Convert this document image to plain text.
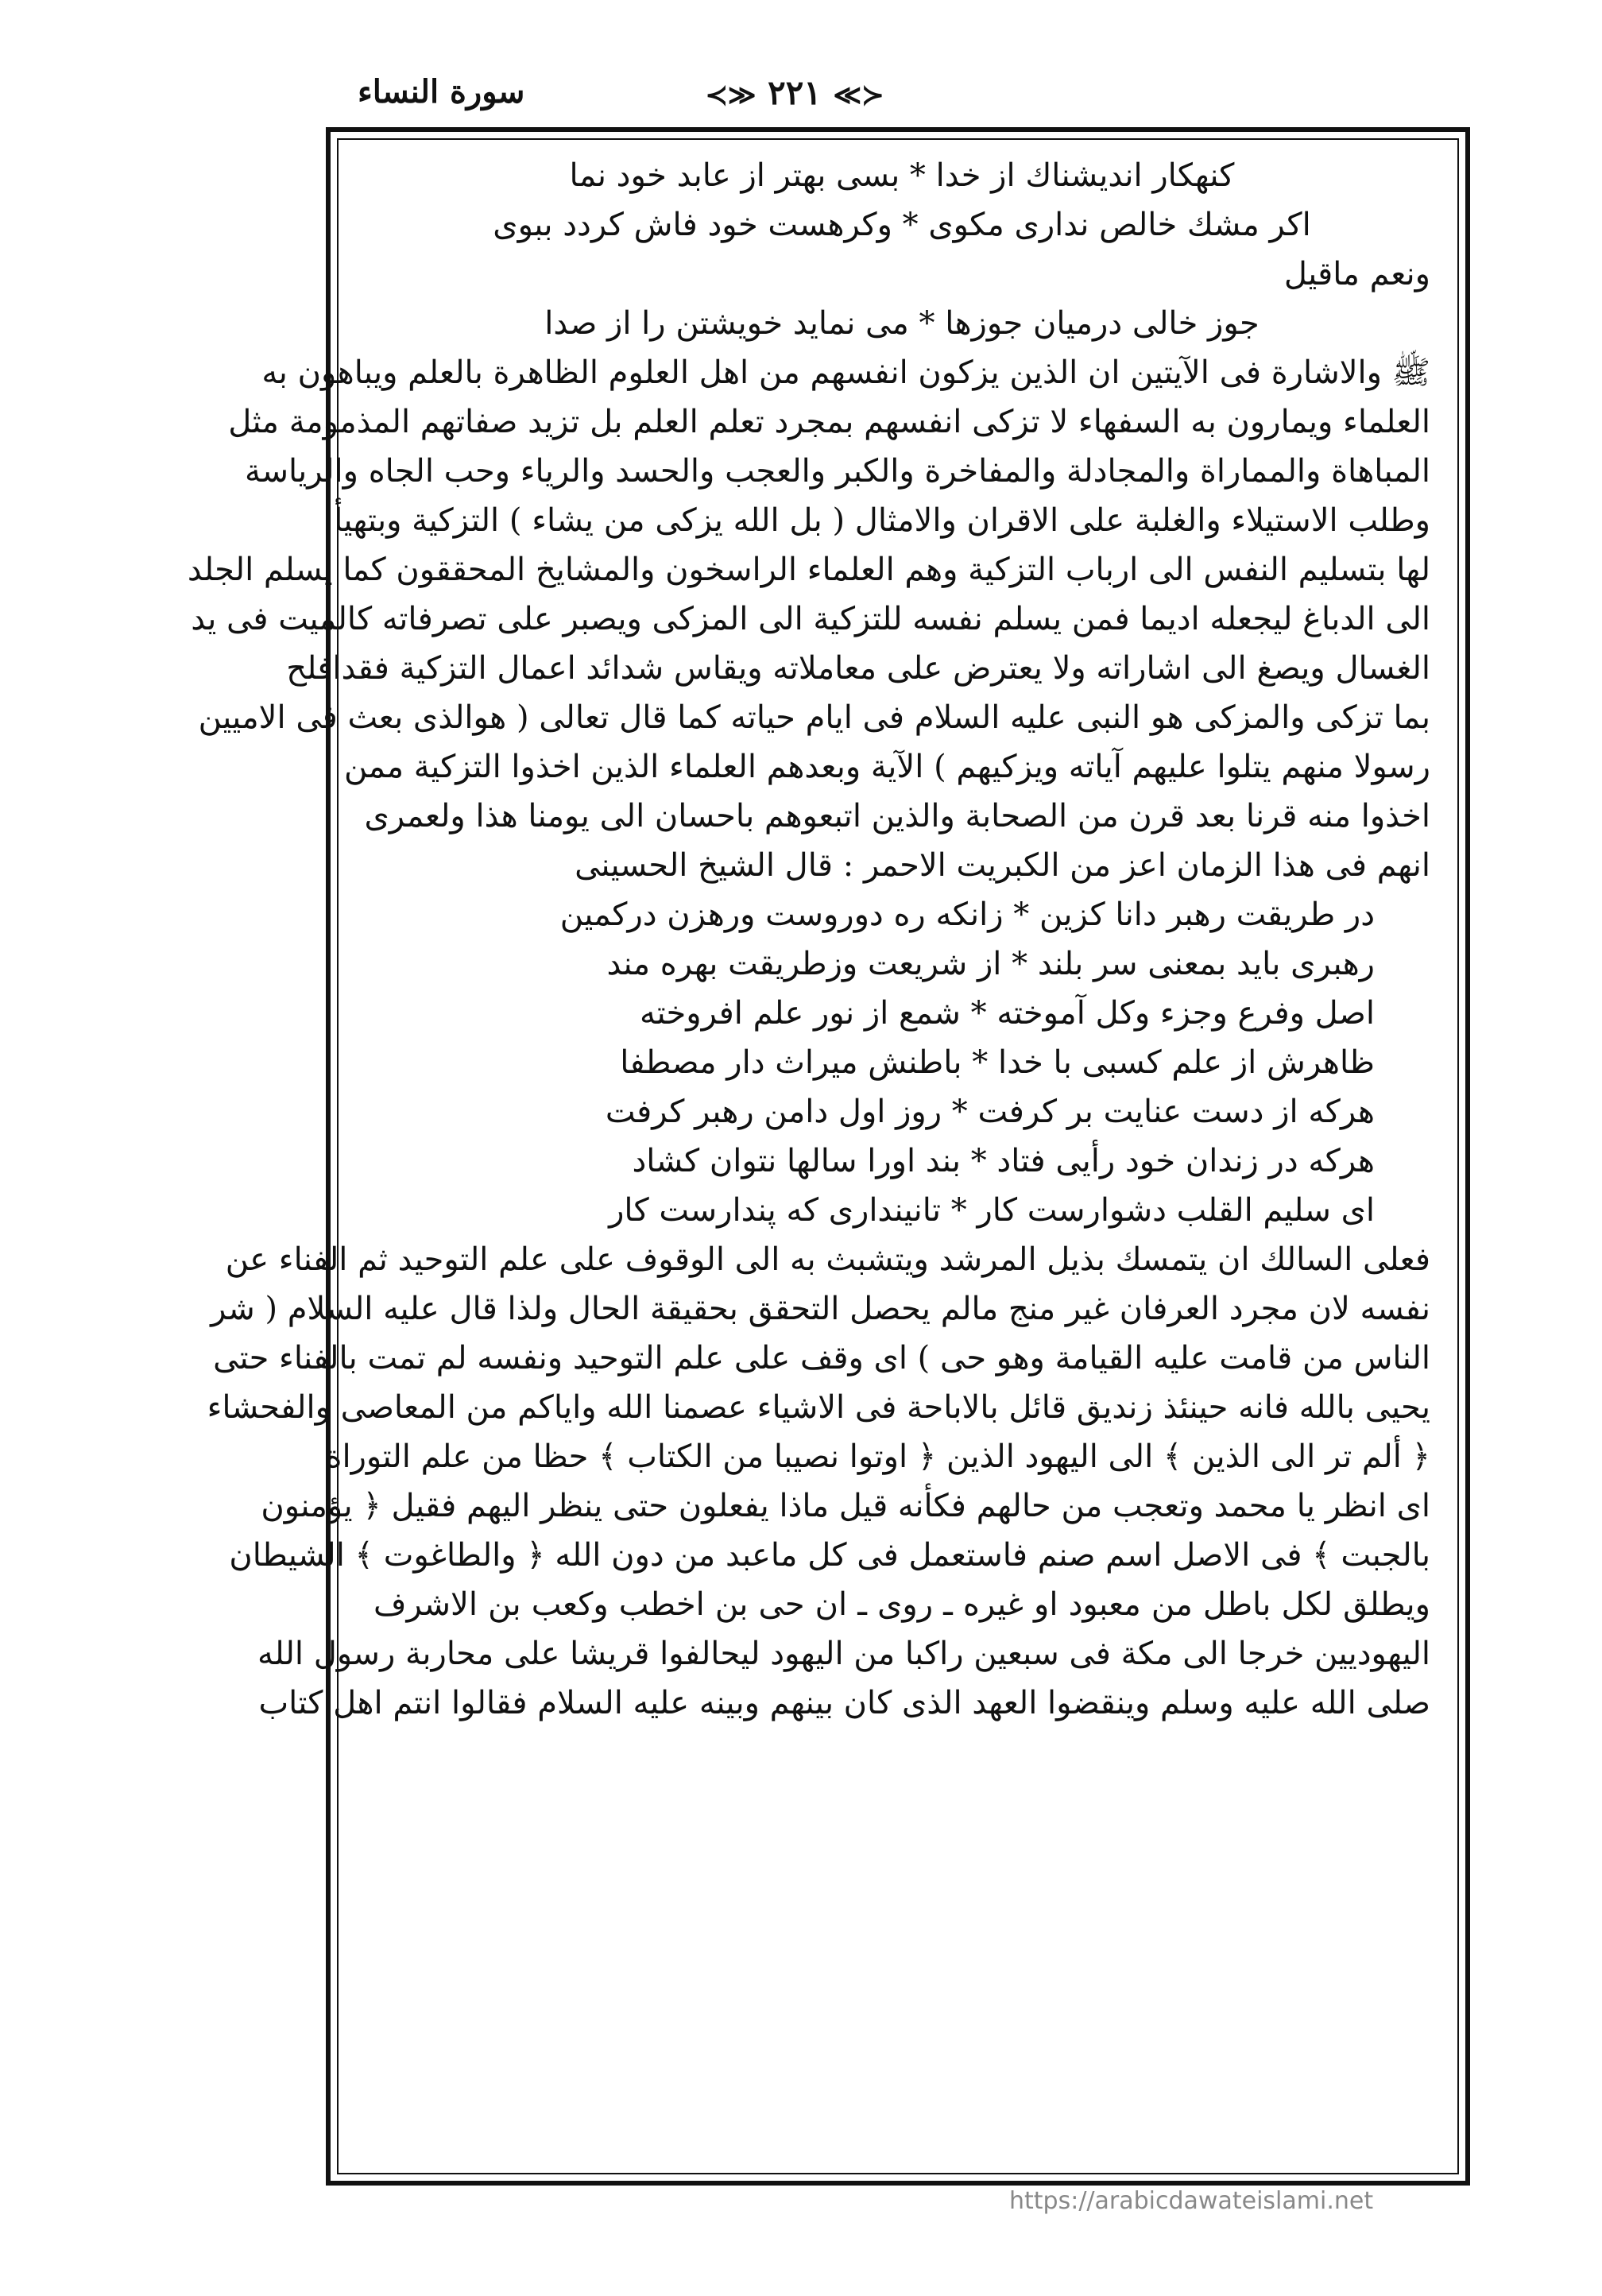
سورة النساء	≺≫ ٢٢١ ≪≻
كنهكار انديشناك از خدا * بسى بهتر از عابد خود نما
اكر مشك خالص ندارى مكوى * وكرهست خود فاش كردد ببوى
ونعم ماقيل
جوز خالى درميان جوزها * مى نمايد خويشتن را از صدا
ﷺ والاشارة فى الآيتين ان الذين يزكون انفسهم من اهل العلوم الظاهرة بالعلم ويباهون به
العلماء ويمارون به السفهاء لا تزكى انفسهم بمجرد تعلم العلم بل تزيد صفاتهم المذمومة مثل
المباهاة والمماراة والمجادلة والمفاخرة والكبر والعجب والحسد والرياء وحب الجاه والرياسة
وطلب الاستيلاء والغلبة على الاقران والامثال ( بل الله يزكى من يشاء ) التزكية وبتهيأ
لها بتسليم النفس الى ارباب التزكية وهم العلماء الراسخون والمشايخ المحققون كما يسلم الجلد
الى الدباغ ليجعله اديما فمن يسلم نفسه للتزكية الى المزكى ويصبر على تصرفاته كالميت فى يد
الغسال ويصغ الى اشاراته ولا يعترض على معاملاته ويقاس شدائد اعمال التزكية فقدافلح
بما تزكى والمزكى هو النبى عليه السلام فى ايام حياته كما قال تعالى ( هوالذى بعث فى الاميين
رسولا منهم يتلوا عليهم آياته ويزكيهم ) الآية وبعدهم العلماء الذين اخذوا التزكية ممن
اخذوا منه قرنا بعد قرن من الصحابة والذين اتبعوهم باحسان الى يومنا هذا ولعمرى
انهم فى هذا الزمان اعز من الكبريت الاحمر : قال الشيخ الحسينى
در طريقت رهبر دانا كزين * زانكه ره دوروست ورهزن دركمين
رهبرى بايد بمعنى سر بلند * از شريعت وزطريقت بهره مند
اصل وفرع وجزء وكل آموخته * شمع از نور علم افروخته
ظاهرش از علم كسبى با خدا * باطنش ميراث دار مصطفا
هركه از دست عنايت بر كرفت * روز اول دامن رهبر كرفت
هركه در زندان خود رأيى فتاد * بند اورا سالها نتوان كشاد
اى سليم القلب دشوارست كار * تانيندارى كه پندارست كار
فعلى السالك ان يتمسك بذيل المرشد ويتشبث به الى الوقوف على علم التوحيد ثم الفناء عن
نفسه لان مجرد العرفان غير منج مالم يحصل التحقق بحقيقة الحال ولذا قال عليه السلام ( شر
الناس من قامت عليه القيامة وهو حى ) اى وقف على علم التوحيد ونفسه لم تمت بالفناء حتى
يحيى بالله فانه حينئذ زنديق قائل بالاباحة فى الاشياء عصمنا الله واياكم من المعاصى والفحشاء
﴿ ألم تر الى الذين ﴾ الى اليهود الذين ﴿ اوتوا نصيبا من الكتاب ﴾ حظا من علم التوراة
اى انظر يا محمد وتعجب من حالهم فكأنه قيل ماذا يفعلون حتى ينظر اليهم فقيل ﴿ يؤمنون
بالجبت ﴾ فى الاصل اسم صنم فاستعمل فى كل ماعبد من دون الله ﴿ والطاغوت ﴾ الشيطان
ويطلق لكل باطل من معبود او غيره ـ روى ـ ان حى بن اخطب وكعب بن الاشرف
اليهوديين خرجا الى مكة فى سبعين راكبا من اليهود ليحالفوا قريشا على محاربة رسول الله
صلى الله عليه وسلم وينقضوا العهد الذى كان بينهم وبينه عليه السلام فقالوا انتم اهل كتاب
https://arabicdawateislami.net
